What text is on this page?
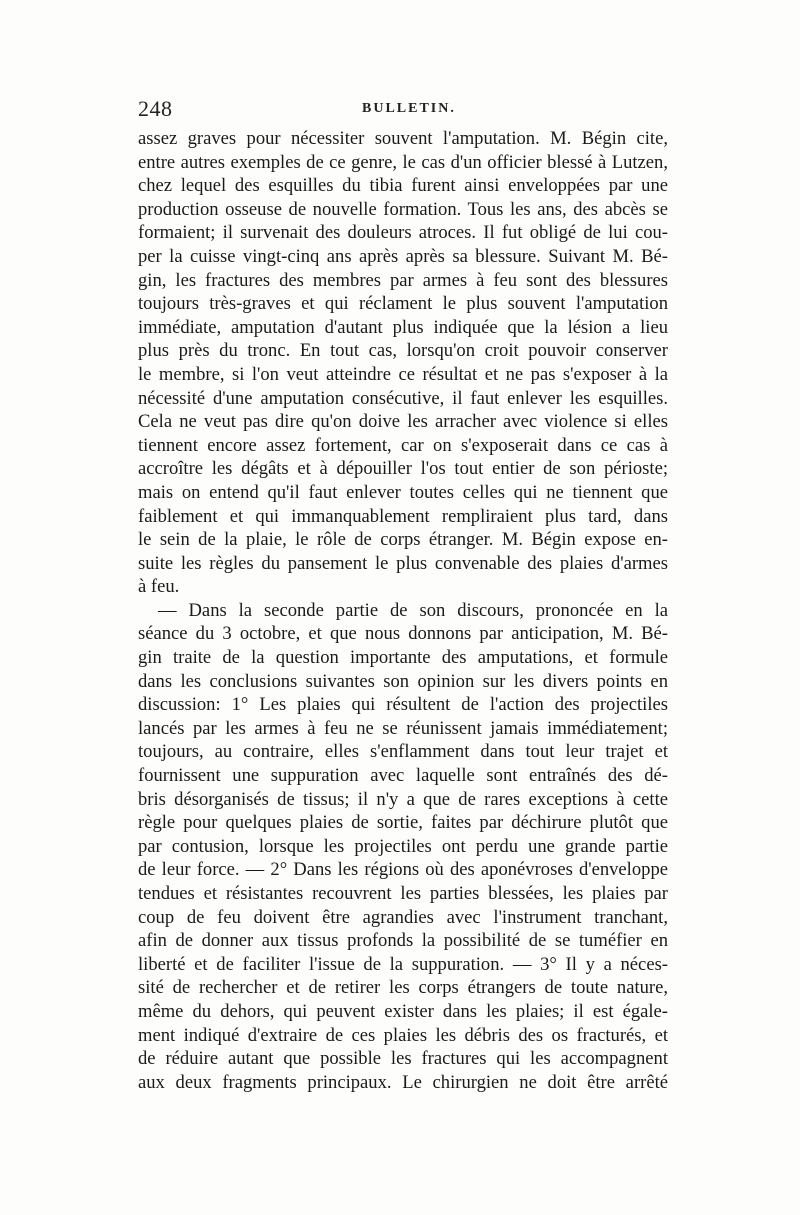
248	BULLETIN.
assez graves pour nécessiter souvent l'amputation. M. Bégin cite,
entre autres exemples de ce genre, le cas d'un officier blessé à Lutzen,
chez lequel des esquilles du tibia furent ainsi enveloppées par une
production osseuse de nouvelle formation. Tous les ans, des abcès se
formaient; il survenait des douleurs atroces. Il fut obligé de lui cou-
per la cuisse vingt-cinq ans après après sa blessure. Suivant M. Bé-
gin, les fractures des membres par armes à feu sont des blessures
toujours très-graves et qui réclament le plus souvent l'amputation
immédiate, amputation d'autant plus indiquée que la lésion a lieu
plus près du tronc. En tout cas, lorsqu'on croit pouvoir conserver
le membre, si l'on veut atteindre ce résultat et ne pas s'exposer à la
nécessité d'une amputation consécutive, il faut enlever les esquilles.
Cela ne veut pas dire qu'on doive les arracher avec violence si elles
tiennent encore assez fortement, car on s'exposerait dans ce cas à
accroître les dégâts et à dépouiller l'os tout entier de son périoste;
mais on entend qu'il faut enlever toutes celles qui ne tiennent que
faiblement et qui immanquablement rempliraient plus tard, dans
le sein de la plaie, le rôle de corps étranger. M. Bégin expose en-
suite les règles du pansement le plus convenable des plaies d'armes
à feu.
— Dans la seconde partie de son discours, prononcée en la
séance du 3 octobre, et que nous donnons par anticipation, M. Bé-
gin traite de la question importante des amputations, et formule
dans les conclusions suivantes son opinion sur les divers points en
discussion: 1° Les plaies qui résultent de l'action des projectiles
lancés par les armes à feu ne se réunissent jamais immédiatement;
toujours, au contraire, elles s'enflamment dans tout leur trajet et
fournissent une suppuration avec laquelle sont entraînés des dé-
bris désorganisés de tissus; il n'y a que de rares exceptions à cette
règle pour quelques plaies de sortie, faites par déchirure plutôt que
par contusion, lorsque les projectiles ont perdu une grande partie
de leur force. — 2° Dans les régions où des aponévroses d'enveloppe
tendues et résistantes recouvrent les parties blessées, les plaies par
coup de feu doivent être agrandies avec l'instrument tranchant,
afin de donner aux tissus profonds la possibilité de se tuméfier en
liberté et de faciliter l'issue de la suppuration. — 3° Il y a néces-
sité de rechercher et de retirer les corps étrangers de toute nature,
même du dehors, qui peuvent exister dans les plaies; il est égale-
ment indiqué d'extraire de ces plaies les débris des os fracturés, et
de réduire autant que possible les fractures qui les accompagnent
aux deux fragments principaux. Le chirurgien ne doit être arrêté
